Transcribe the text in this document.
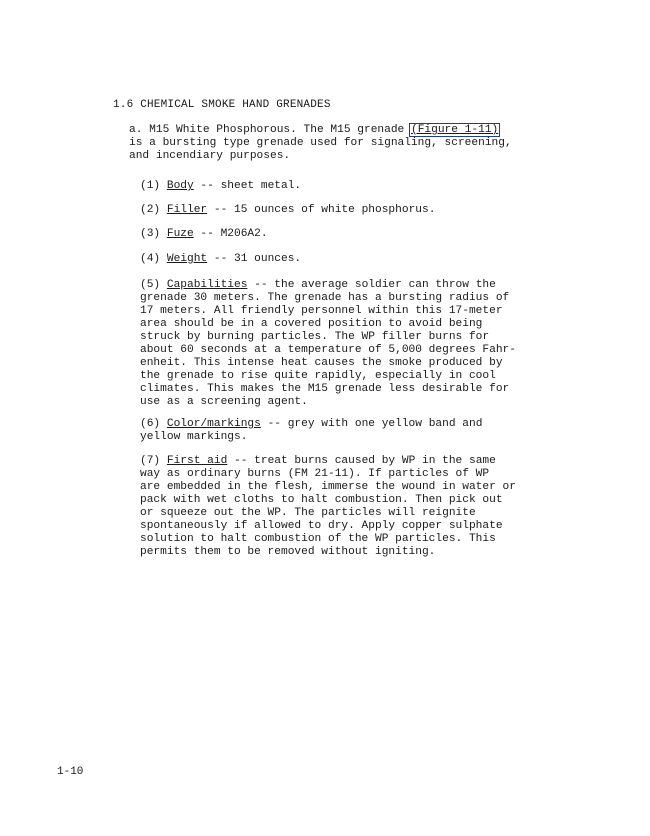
1.6 CHEMICAL SMOKE HAND GRENADES
a. M15 White Phosphorous. The M15 grenade (Figure 1-11)
is a bursting type grenade used for signaling, screening,
and incendiary purposes.
(1) Body -- sheet metal.
(2) Filler -- 15 ounces of white phosphorus.
(3) Fuze -- M206A2.
(4) Weight -- 31 ounces.
(5) Capabilities -- the average soldier can throw the
grenade 30 meters. The grenade has a bursting radius of
17 meters. All friendly personnel within this 17-meter
area should be in a covered position to avoid being
struck by burning particles. The WP filler burns for
about 60 seconds at a temperature of 5,000 degrees Fahr-
enheit. This intense heat causes the smoke produced by
the grenade to rise quite rapidly, especially in cool
climates. This makes the M15 grenade less desirable for
use as a screening agent.
(6) Color/markings -- grey with one yellow band and
yellow markings.
(7) First aid -- treat burns caused by WP in the same
way as ordinary burns (FM 21-11). If particles of WP
are embedded in the flesh, immerse the wound in water or
pack with wet cloths to halt combustion. Then pick out
or squeeze out the WP. The particles will reignite
spontaneously if allowed to dry. Apply copper sulphate
solution to halt combustion of the WP particles. This
permits them to be removed without igniting.
1-10
